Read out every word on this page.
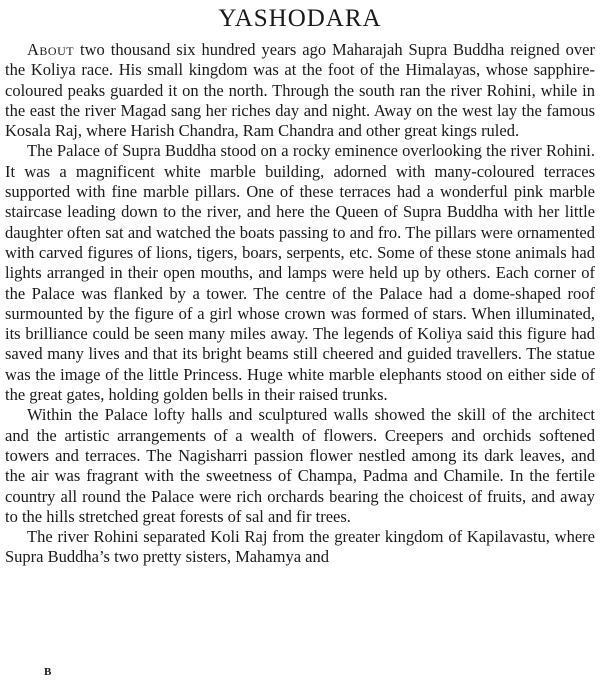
YASHODARA

About two thousand six hundred years ago Maharajah Supra Buddha reigned over the Koliya race. His small kingdom was at the foot of the Himalayas, whose sapphire-coloured peaks guarded it on the north. Through the south ran the river Rohini, while in the east the river Magad sang her riches day and night. Away on the west lay the famous Kosala Raj, where Harish Chandra, Ram Chandra and other great kings ruled.

The Palace of Supra Buddha stood on a rocky eminence overlooking the river Rohini. It was a magnificent white marble building, adorned with many-coloured terraces supported with fine marble pillars. One of these terraces had a wonderful pink marble staircase leading down to the river, and here the Queen of Supra Buddha with her little daughter often sat and watched the boats passing to and fro. The pillars were ornamented with carved figures of lions, tigers, boars, serpents, etc. Some of these stone animals had lights arranged in their open mouths, and lamps were held up by others. Each corner of the Palace was flanked by a tower. The centre of the Palace had a dome-shaped roof surmounted by the figure of a girl whose crown was formed of stars. When illuminated, its brilliance could be seen many miles away. The legends of Koliya said this figure had saved many lives and that its bright beams still cheered and guided travellers. The statue was the image of the little Princess. Huge white marble elephants stood on either side of the great gates, holding golden bells in their raised trunks.

Within the Palace lofty halls and sculptured walls showed the skill of the architect and the artistic arrangements of a wealth of flowers. Creepers and orchids softened towers and terraces. The Nagisharri passion flower nestled among its dark leaves, and the air was fragrant with the sweetness of Champa, Padma and Chamile. In the fertile country all round the Palace were rich orchards bearing the choicest of fruits, and away to the hills stretched great forests of sal and fir trees.

The river Rohini separated Koli Raj from the greater kingdom of Kapilavastu, where Supra Buddha’s two pretty sisters, Mahamya and

B
